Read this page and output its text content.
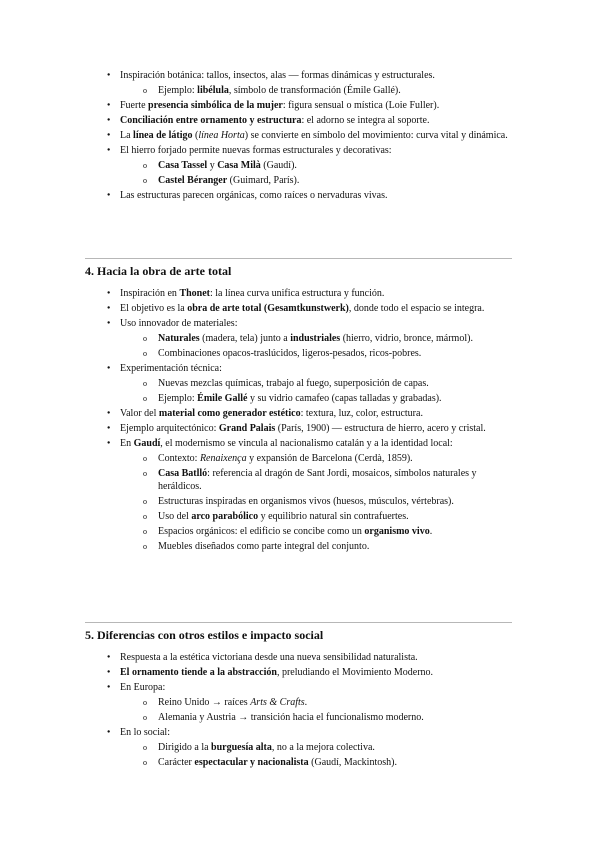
● Inspiración botánica: tallos, insectos, alas — formas dinámicas y estructurales.
o Ejemplo: libélula, símbolo de transformación (Émile Gallé).
● Fuerte presencia simbólica de la mujer: figura sensual o mística (Loie Fuller).
● Conciliación entre ornamento y estructura: el adorno se integra al soporte.
● La línea de látigo (línea Horta) se convierte en símbolo del movimiento: curva vital y dinámica.
● El hierro forjado permite nuevas formas estructurales y decorativas:
o Casa Tassel y Casa Milà (Gaudí).
o Castel Béranger (Guimard, París).
● Las estructuras parecen orgánicas, como raíces o nervaduras vivas.
4. Hacia la obra de arte total
● Inspiración en Thonet: la línea curva unifica estructura y función.
● El objetivo es la obra de arte total (Gesamtkunstwerk), donde todo el espacio se integra.
● Uso innovador de materiales:
o Naturales (madera, tela) junto a industriales (hierro, vidrio, bronce, mármol).
o Combinaciones opacos-traslúcidos, ligeros-pesados, ricos-pobres.
● Experimentación técnica:
o Nuevas mezclas químicas, trabajo al fuego, superposición de capas.
o Ejemplo: Émile Gallé y su vidrio camafeo (capas talladas y grabadas).
● Valor del material como generador estético: textura, luz, color, estructura.
● Ejemplo arquitectónico: Grand Palais (París, 1900) — estructura de hierro, acero y cristal.
● En Gaudí, el modernismo se vincula al nacionalismo catalán y a la identidad local:
o Contexto: Renaixença y expansión de Barcelona (Cerdà, 1859).
o Casa Batlló: referencia al dragón de Sant Jordi, mosaicos, símbolos naturales y heráldicos.
o Estructuras inspiradas en organismos vivos (huesos, músculos, vértebras).
o Uso del arco parabólico y equilibrio natural sin contrafuertes.
o Espacios orgánicos: el edificio se concibe como un organismo vivo.
o Muebles diseñados como parte integral del conjunto.
5. Diferencias con otros estilos e impacto social
● Respuesta a la estética victoriana desde una nueva sensibilidad naturalista.
● El ornamento tiende a la abstracción, preludiando el Movimiento Moderno.
● En Europa:
o Reino Unido → raíces Arts & Crafts.
o Alemania y Austria → transición hacia el funcionalismo moderno.
● En lo social:
o Dirigido a la burguesía alta, no a la mejora colectiva.
o Carácter espectacular y nacionalista (Gaudí, Mackintosh).
